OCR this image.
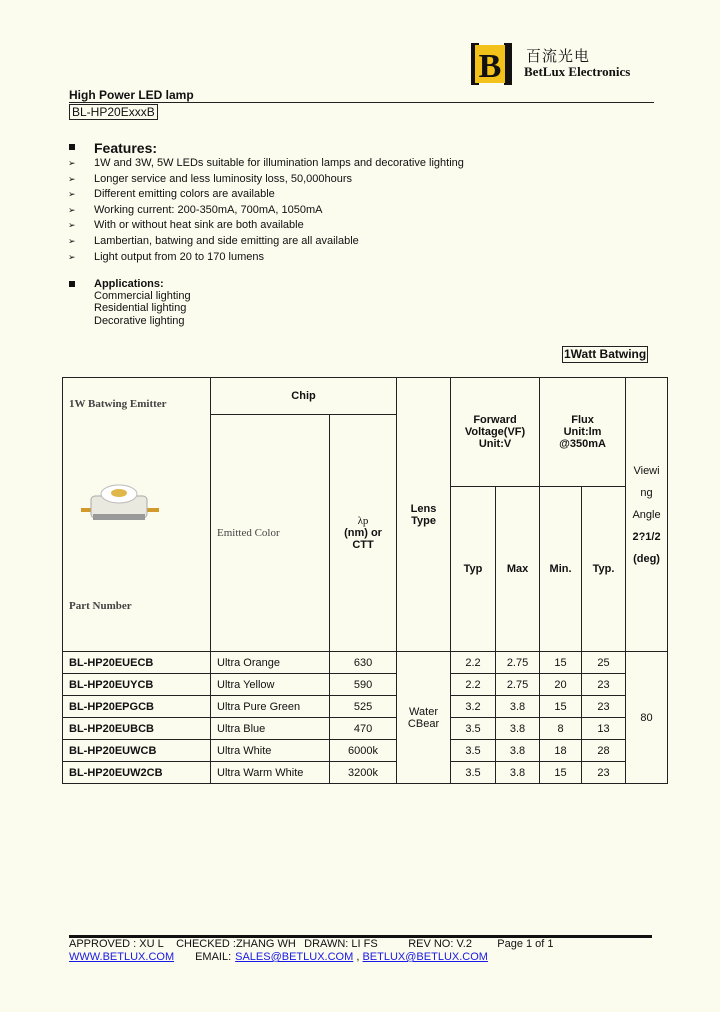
B 百流光电
BetLux Electronics
High Power LED lamp
BL-HP20ExxxB
Features:
➢ 1W and 3W, 5W LEDs suitable for illumination lamps and decorative lighting
➢ Longer service and less luminosity loss, 50,000hours
➢ Different emitting colors are available
➢ Working current: 200-350mA, 700mA, 1050mA
➢ With or without heat sink are both available
➢ Lambertian, batwing and side emitting are all available
➢ Light output from 20 to 170 lumens
Applications:
Commercial lighting
Residential lighting
Decorative lighting
1Watt Batwing
1W Batwing Emitter
Part Number	Chip		Lens
Type	Forward
Voltage(VF)
Unit:V		Flux
Unit:lm
@350mA		Viewi
ng
Angle
2?1/2
(deg)
	Emitted Color	λp
(nm) or
CTT						
				Typ	Max	Min.	Typ.	
BL-HP20EUECB	Ultra Orange	630	Water
CBear	2.2	2.75	15	25	80
BL-HP20EUYCB	Ultra Yellow	590		2.2	2.75	20	23	
BL-HP20EPGCB	Ultra Pure Green	525		3.2	3.8	15	23	
BL-HP20EUBCB	Ultra Blue	470		3.5	3.8	8	13	
BL-HP20EUWCB	Ultra White	6000k		3.5	3.8	18	28	
BL-HP20EUW2CB	Ultra Warm White	3200k		3.5	3.8	15	23	
APPROVED : XU L CHECKED :ZHANG WH DRAWN: LI FS	REV NO: V.2 Page 1 of 1
WWW.BETLUX.COM EMAIL: SALES@BETLUX.COM , BETLUX@BETLUX.COM
